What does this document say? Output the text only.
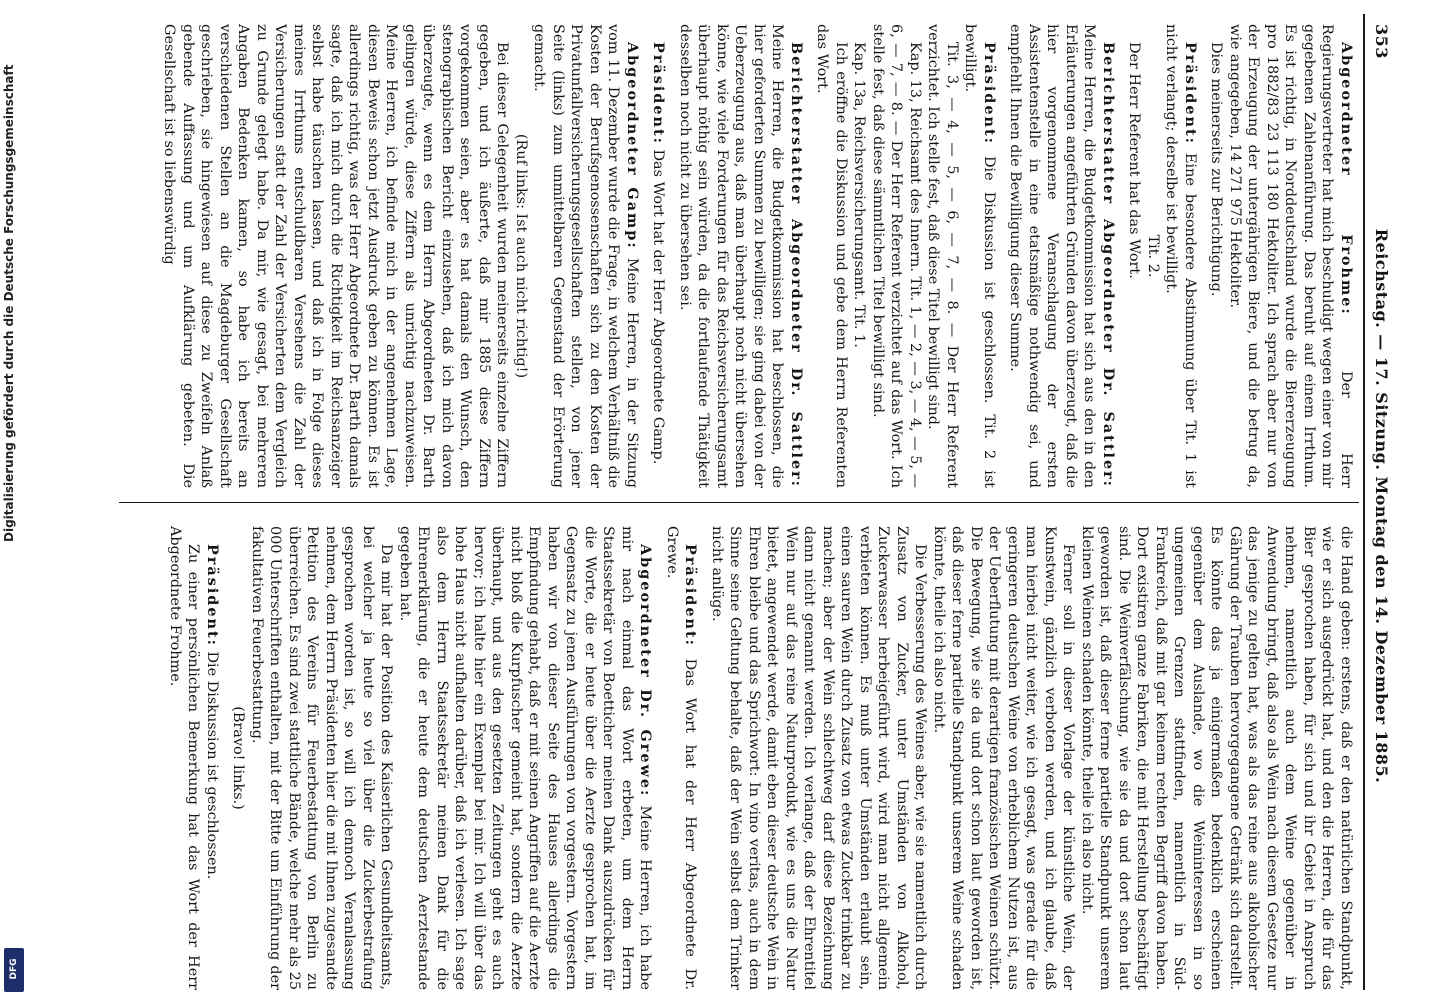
353
Reichstag. — 17. Sitzung. Montag den 14. Dezember 1885.

Abgeordneter Frohme: Der Herr Regierungsvertreter hat mich beschuldigt wegen einer von mir gegebenen Zahlenanführung. Das beruht auf einem Irrthum. Es ist richtig, in Norddeutschland wurde die Biererzeugung pro 1882/83 23 113 180 Hektoliter. Ich sprach aber nur von der Erzeugung der untergährigen Biere, und die betrug da, wie angegeben, 14 271 975 Hektoliter.

Dies meinerseits zur Berichtigung.

Präsident: Eine besondere Abstimmung über Tit. 1 ist nicht verlangt; derselbe ist bewilligt.

Tit. 2.

Der Herr Referent hat das Wort.

Berichterstatter Abgeordneter Dr. Sattler: Meine Herren, die Budgetkommission hat sich aus den in den Erläuterungen angeführten Gründen davon überzeugt, daß die hier vorgenommene Veranschlagung der ersten Assistentenstelle in eine etatsmäßige nothwendig sei, und empfiehlt Ihnen die Bewilligung dieser Summe.

Präsident: Die Diskussion ist geschlossen. Tit. 2 ist bewilligt.

Tit. 3, — 4, — 5, — 6, — 7, — 8. — Der Herr Referent verzichtet. Ich stelle fest, daß diese Titel bewilligt sind.

Kap. 13, Reichsamt des Innern. Tit. 1, — 2, — 3, — 4, — 5, — 6, — 7, — 8. — Der Herr Referent verzichtet auf das Wort. Ich stelle fest, daß diese sämmtlichen Titel bewilligt sind.

Kap. 13a, Reichsversicherungsamt. Tit. 1.

Ich eröffne die Diskussion und gebe dem Herrn Referenten das Wort.

Berichterstatter Abgeordneter Dr. Sattler: Meine Herren, die Budgetkommission hat beschlossen, die hier geforderten Summen zu bewilligen; sie ging dabei von der Ueberzeugung aus, daß man überhaupt noch nicht übersehen könne, wie viele Forderungen für das Reichsversicherungsamt überhaupt nöthig sein würden, da die fortlaufende Thätigkeit desselben noch nicht zu übersehen sei.

Präsident: Das Wort hat der Herr Abgeordnete Gamp.

Abgeordneter Gamp: Meine Herren, in der Sitzung vom 11. Dezember wurde die Frage, in welchem Verhältniß die Kosten der Berufsgenossenschaften sich zu den Kosten der Privatunfallversicherungsgesellschaften stellen, von jener Seite (links) zum unmittelbaren Gegenstand der Erörterung gemacht.

(Ruf links: Ist auch nicht richtig!)

Bei dieser Gelegenheit wurden meinerseits einzelne Ziffern gegeben, und ich äußerte, daß mir 1885 diese Ziffern vorgekommen seien, aber es hat damals den Wunsch, den stenographischen Bericht einzusehen, daß ich mich davon überzeugte, wenn es dem Herrn Abgeordneten Dr. Barth gelingen würde, diese Ziffern als unrichtig nachzuweisen. Meine Herren, ich befinde mich in der angenehmen Lage, diesen Beweis schon jetzt Ausdruck geben zu können. Es ist allerdings richtig, was der Herr Abgeordnete Dr. Barth damals sagte, daß ich mich durch die Richtigkeit im Reichsanzeiger selbst habe täuschen lassen, und daß ich in Folge dieses meines Irrthums entschuldbaren Versehens die Zahl der Versicherungen statt der Zahl der Versicherten dem Vergleich zu Grunde gelegt habe. Da mir, wie gesagt, bei mehreren Angaben Bedenken kamen, so habe ich bereits an verschiedenen Stellen an die Magdeburger Gesellschaft geschrieben, sie hingewiesen auf diese zu Zweifeln Anlaß gebende Auffassung und um Aufklärung gebeten. Die Gesellschaft ist so liebenswürdig

die Hand geben: erstens, daß er den natürlichen Standpunkt, wie er sich ausgedrückt hat, und den die Herren, die für das Bier gesprochen haben, für sich und ihr Gebiet in Anspruch nehmen, namentlich auch dem Weine gegenüber in Anwendung bringt, daß also als Wein nach diesem Gesetze nur das jenige zu gelten hat, was als das reine aus alkoholischer Gährung der Trauben hervorgegangene Getränk sich darstellt. Es könnte das ja einigermaßen bedenklich erscheinen gegenüber dem Auslande, wo die Weininteressen in so ungemeinen Grenzen stattfinden, namentlich in Süd-Frankreich, daß mit gar keinem rechten Begriff davon haben. Dort existiren ganze Fabriken, die mit Herstellung beschäftigt sind. Die Weinverfälschung, wie sie da und dort schon laut geworden ist, daß dieser ferne partielle Standpunkt unserem kleinen Weinen schaden könnte, theile ich also nicht.

Ferner soll in dieser Vorlage der künstliche Wein, der Kunstwein, gänzlich verboten werden, und ich glaube, daß man hierbei nicht weiter, wie ich gesagt, was gerade für die geringeren deutschen Weine von erheblichem Nutzen ist, aus der Ueberflutung mit derartigen französischen Weinen schützt. Die Bewegung, wie sie da und dort schon laut geworden ist, daß dieser ferne partielle Standpunkt unserem Weine schaden könnte, theile ich also nicht.

Die Verbesserung des Weines aber, wie sie namentlich durch Zusatz von Zucker, unter Umständen von Alkohol, Zuckerwasser herbeigeführt wird, wird man nicht allgemein verbieten können. Es muß unter Umständen erlaubt sein, einen sauren Wein durch Zusatz von etwas Zucker trinkbar zu machen; aber der Wein schlechtweg darf diese Bezeichnung dann nicht genannt werden. Ich verlange, daß der Ehrentitel Wein nur auf das reine Naturprodukt, wie es uns die Natur bietet, angewendet werde, damit eben dieser deutsche Wein in Ehren bleibe und das Sprichwort: In vino veritas, auch in dem Sinne seine Geltung behalte, daß der Wein selbst dem Trinker nicht anlüge.

Präsident: Das Wort hat der Herr Abgeordnete Dr. Grewe.

Abgeordneter Dr. Grewe: Meine Herren, ich habe mir nach einmal das Wort erbeten, um dem Herrn Staatssekretär von Boetticher meinen Dank auszudrücken für die Worte, die er heute über die Aerzte gesprochen hat, im Gegensatz zu jenen Ausführungen von vorgestern. Vorgestern haben wir von dieser Seite des Hauses allerdings die Empfindung gehabt, daß er mit seinen Angriffen auf die Aerzte nicht bloß die Kurpfuscher gemeint hat, sondern die Aerzte überhaupt, und aus den gesetzten Zeitungen geht es auch hervor; ich halte hier ein Exemplar bei mir. Ich will über das hohe Haus nicht aufhalten darüber, daß ich verlesen. Ich sage also dem Herrn Staatssekretär meinen Dank für die Ehrenerklärung, die er heute dem deutschen Aerztestande gegeben hat.

Da mir hat der Position des Kaiserlichen Gesundheitsamts, bei welcher ja heute so viel über die Zuckerbestrafung gesprochen worden ist, so will ich dennoch Veranlassung nehmen, dem Herrn Präsidenten hier die mit Ihnen zugesandte Petition des Vereins für Feuerbestattung von Berlin zu überreichen. Es sind zwei stattliche Bände, welche mehr als 25 000 Unterschriften enthalten, mit der Bitte um Einführung der fakultativen Feuerbestattung.

(Bravo! links.)

Präsident: Die Diskussion ist geschlossen.

Zu einer persönlichen Bemerkung hat das Wort der Herr Abgeordnete Frohme.

Digitalisierung gefördert durch die Deutsche Forschungsgemeinschaft
DFG
